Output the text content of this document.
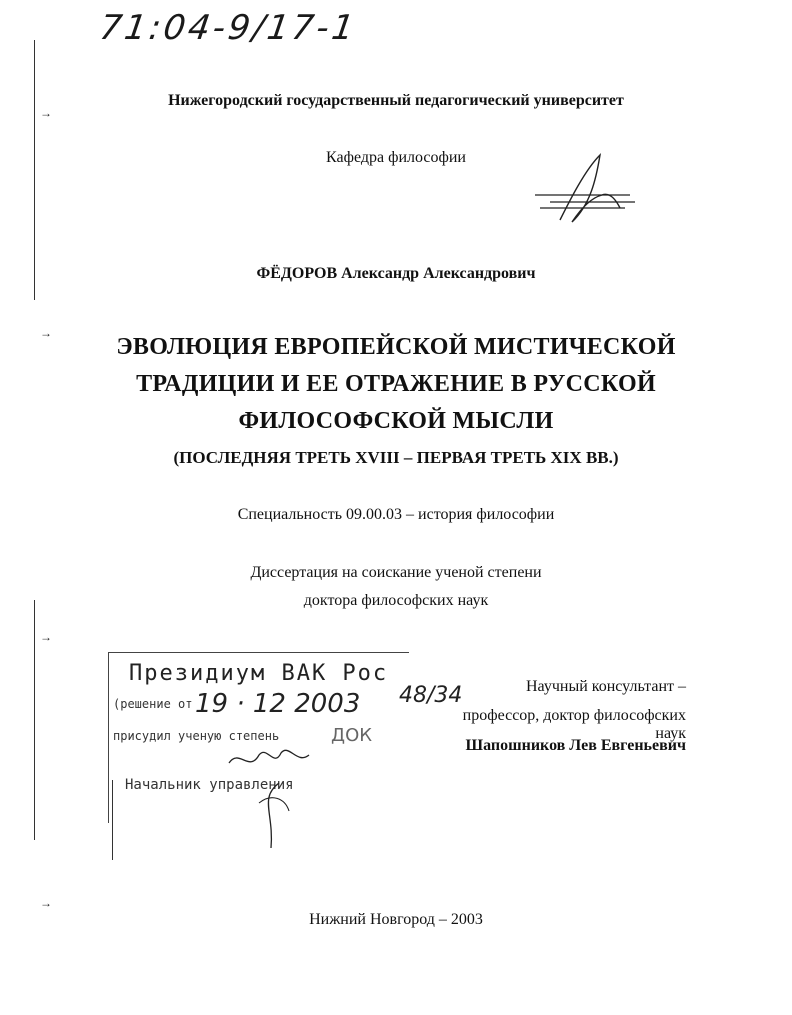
→
→
→
→
71:04-9/17-1
Нижегородский государственный педагогический университет
Кафедра философии
ФЁДОРОВ Александр Александрович
ЭВОЛЮЦИЯ ЕВРОПЕЙСКОЙ МИСТИЧЕСКОЙ
ТРАДИЦИИ И ЕЕ ОТРАЖЕНИЕ В РУССКОЙ
ФИЛОСОФСКОЙ МЫСЛИ
(ПОСЛЕДНЯЯ ТРЕТЬ XVIII – ПЕРВАЯ ТРЕТЬ XIX ВВ.)
Специальность 09.00.03 – история философии
Диссертация на соискание ученой степени
доктора философских наук
Президиум ВАК Рос
(решение от 19 · 12 2003 48/34
присудил ученую степень	ДОК
Начальник управления
Научный консультант –
профессор, доктор философских наук
Шапошников Лев Евгеньевич
Нижний Новгород – 2003
